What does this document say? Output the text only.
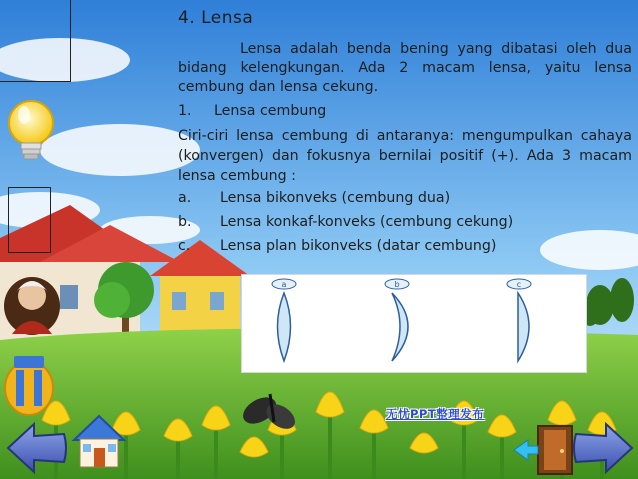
4. Lensa

Lensa adalah benda bening yang dibatasi oleh dua bidang kelengkungan. Ada 2 macam lensa, yaitu lensa cembung dan lensa cekung.

1.	Lensa cembung

Ciri-ciri lensa cembung di antaranya: mengumpulkan cahaya (konvergen) dan fokusnya bernilai positif (+). Ada 3 macam lensa cembung :

a.	Lensa bikonveks (cembung dua)
b.	Lensa konkaf-konveks (cembung cekung)
c.	Lensa plan bikonveks (datar cembung)
a	b	c
无忧PPT整理发布
